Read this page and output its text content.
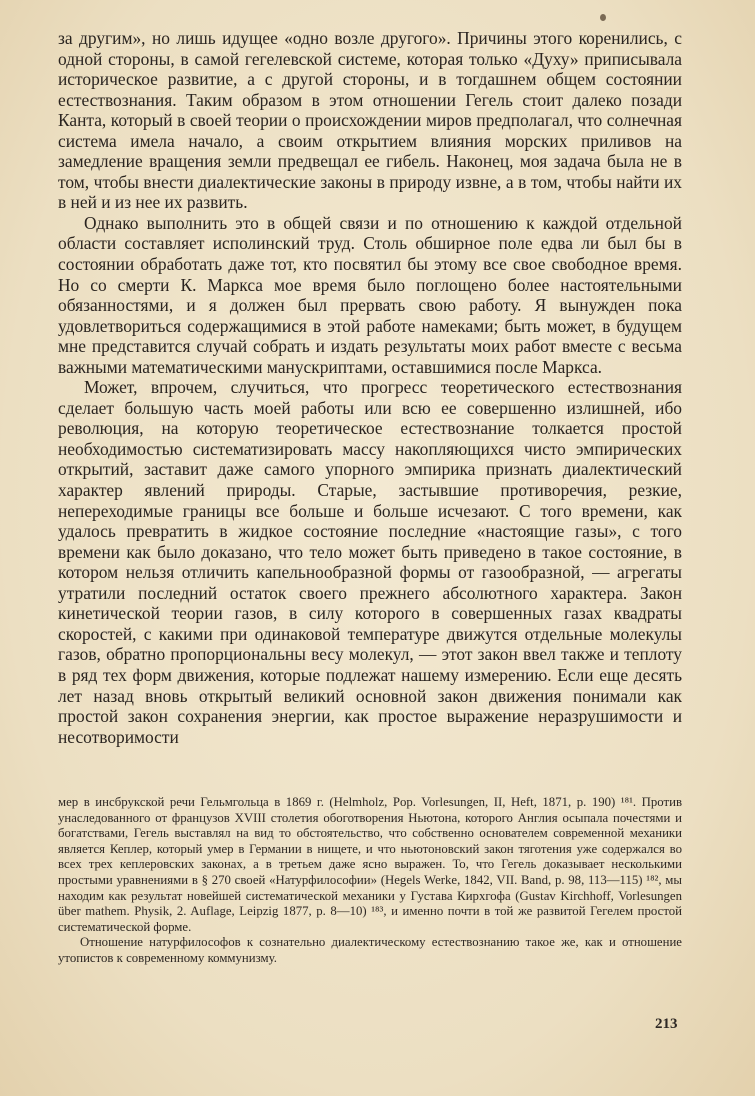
за другим», но лишь идущее «одно возле другого». Причины этого коренились, с одной стороны, в самой гегелевской системе, которая только «Духу» приписывала историческое развитие, а с другой стороны, и в тогдашнем общем состоянии естествознания. Таким образом в этом отношении Гегель стоит далеко позади Канта, который в своей теории о происхождении миров предполагал, что солнечная система имела начало, а своим открытием влияния морских приливов на замедление вращения земли предвещал ее гибель. Наконец, моя задача была не в том, чтобы внести диалектические законы в природу извне, а в том, чтобы найти их в ней и из нее их развить.

Однако выполнить это в общей связи и по отношению к каждой отдельной области составляет исполинский труд. Столь обширное поле едва ли был бы в состоянии обработать даже тот, кто посвятил бы этому все свое свободное время. Но со смерти К. Маркса мое время было поглощено более настоятельными обязанностями, и я должен был прервать свою работу. Я вынужден пока удовлетвориться содержащимися в этой работе намеками; быть может, в будущем мне представится случай собрать и издать результаты моих работ вместе с весьма важными математическими манускриптами, оставшимися после Маркса.

Может, впрочем, случиться, что прогресс теоретического естествознания сделает большую часть моей работы или всю ее совершенно излишней, ибо революция, на которую теоретическое естествознание толкается простой необходимостью систематизировать массу накопляющихся чисто эмпирических открытий, заставит даже самого упорного эмпирика признать диалектический характер явлений природы. Старые, застывшие противоречия, резкие, непереходимые границы все больше и больше исчезают. С того времени, как удалось превратить в жидкое состояние последние «настоящие газы», с того времени как было доказано, что тело может быть приведено в такое состояние, в котором нельзя отличить капельнообразной формы от газообразной, — агрегаты утратили последний остаток своего прежнего абсолютного характера. Закон кинетической теории газов, в силу которого в совершенных газах квадраты скоростей, с какими при одинаковой температуре движутся отдельные молекулы газов, обратно пропорциональны весу молекул, — этот закон ввел также и теплоту в ряд тех форм движения, которые подлежат нашему измерению. Если еще десять лет назад вновь открытый великий основной закон движения понимали как простой закон сохранения энергии, как простое выражение неразрушимости и несотворимости

мер в инсбрукской речи Гельмгольца в 1869 г. (Helmholz, Pop. Vorlesungen, II, Heft, 1871, p. 190) ¹⁸¹. Против унаследованного от французов XVIII столетия обоготворения Ньютона, которого Англия осыпала почестями и богатствами, Гегель выставлял на вид то обстоятельство, что собственно основателем современной механики является Кеплер, который умер в Германии в нищете, и что ньютоновский закон тяготения уже содержался во всех трех кеплеровских законах, а в третьем даже ясно выражен. То, что Гегель доказывает несколькими простыми уравнениями в § 270 своей «Натурфилософии» (Hegels Werke, 1842, VII. Band, p. 98, 113—115) ¹⁸², мы находим как результат новейшей систематической механики у Густава Кирхгофа (Gustav Kirchhoff, Vorlesungen über mathem. Physik, 2. Auflage, Leipzig 1877, p. 8—10) ¹⁸³, и именно почти в той же развитой Гегелем простой систематической форме.

Отношение натурфилософов к сознательно диалектическому естествознанию такое же, как и отношение утопистов к современному коммунизму.

213
